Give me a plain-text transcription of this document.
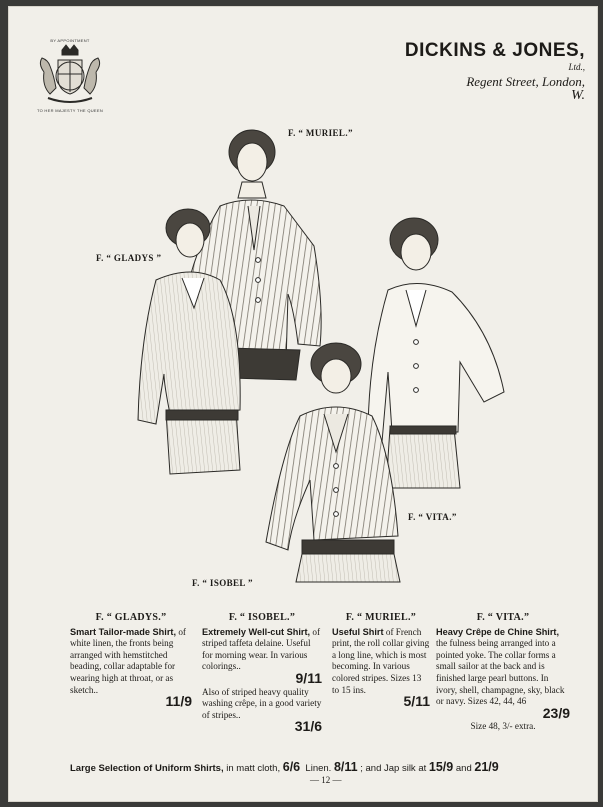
BY APPOINTMENT
TO HER MAJESTY THE QUEEN
DICKINS & JONES,
Ltd.,
Regent Street, London,
W.
F. “ MURIEL.”
F. “ GLADYS ”
F. “ VITA.”
F. “ ISOBEL ”
F. “ GLADYS.”
Smart Tailor-made Shirt, of white linen, the fronts being arranged with hemstitched beading, collar adaptable for wearing high at throat, or as sketch..
11/9
F. “ ISOBEL.”
Extremely Well-cut Shirt, of striped taffeta delaine. Useful for morning wear. In various colorings..
9/11
Also of striped heavy quality washing crêpe, in a good variety of stripes..
31/6
F. “ MURIEL.”
Useful Shirt of French print, the roll collar giving a long line, which is most becoming. In various colored stripes. Sizes 13 to 15 ins.
5/11
F. “ VITA.”
Heavy Crêpe de Chine Shirt, the fulness being arranged into a pointed yoke. The collar forms a small sailor at the back and is finished large pearl buttons. In ivory, shell, champagne, sky, black or navy. Sizes 42, 44, 46
23/9
Size 48, 3/- extra.
Large Selection of Uniform Shirts, in matt cloth, 6/6 Linen. 8/11 ; and Jap silk at 15/9 and 21/9
— 12 —
